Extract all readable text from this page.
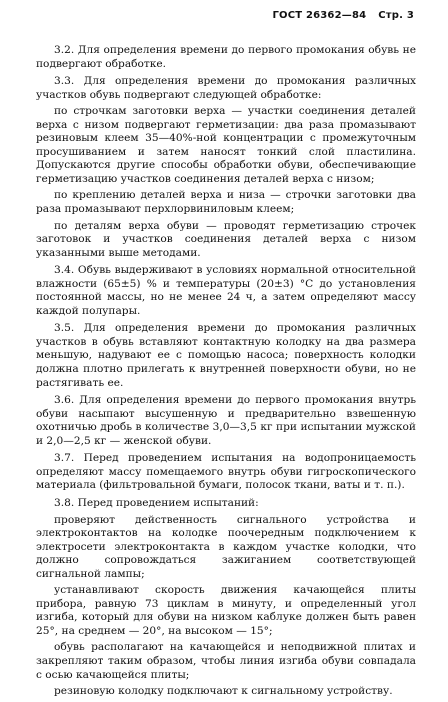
ГОСТ 26362—84 Стр. 3

3.2. Для определения времени до первого промокания обувь не подвергают обработке.

3.3. Для определения времени до промокания различных участков обувь подвергают следующей обработке:

по строчкам заготовки верха — участки соединения деталей верха с низом подвергают герметизации: два раза промазывают резиновым клеем 35—40%-ной концентрации с промежуточным просушиванием и затем наносят тонкий слой пластилина. Допускаются другие способы обработки обуви, обеспечивающие герметизацию участков соединения деталей верха с низом;

по креплению деталей верха и низа — строчки заготовки два раза промазывают перхлорвиниловым клеем;

по деталям верха обуви — проводят герметизацию строчек заготовок и участков соединения деталей верха с низом указанными выше методами.

3.4. Обувь выдерживают в условиях нормальной относительной влажности (65±5) % и температуры (20±3) °С до установления постоянной массы, но не менее 24 ч, а затем определяют массу каждой полупары.

3.5. Для определения времени до промокания различных участков в обувь вставляют контактную колодку на два размера меньшую, надувают ее с помощью насоса; поверхность колодки должна плотно прилегать к внутренней поверхности обуви, но не растягивать ее.

3.6. Для определения времени до первого промокания внутрь обуви насыпают высушенную и предварительно взвешенную охотничью дробь в количестве 3,0—3,5 кг при испытании мужской и 2,0—2,5 кг — женской обуви.

3.7. Перед проведением испытания на водопроницаемость определяют массу помещаемого внутрь обуви гигроскопического материала (фильтровальной бумаги, полосок ткани, ваты и т. п.).

3.8. Перед проведением испытаний:

проверяют действенность сигнального устройства и электроконтактов на колодке поочередным подключением к электросети электроконтакта в каждом участке колодки, что должно сопровождаться зажиганием соответствующей сигнальной лампы;

устанавливают скорость движения качающейся плиты прибора, равную 73 циклам в минуту, и определенный угол изгиба, который для обуви на низком каблуке должен быть равен 25°, на среднем — 20°, на высоком — 15°;

обувь располагают на качающейся и неподвижной плитах и закрепляют таким образом, чтобы линия изгиба обуви совпадала с осью качающейся плиты;

резиновую колодку подключают к сигнальному устройству.
